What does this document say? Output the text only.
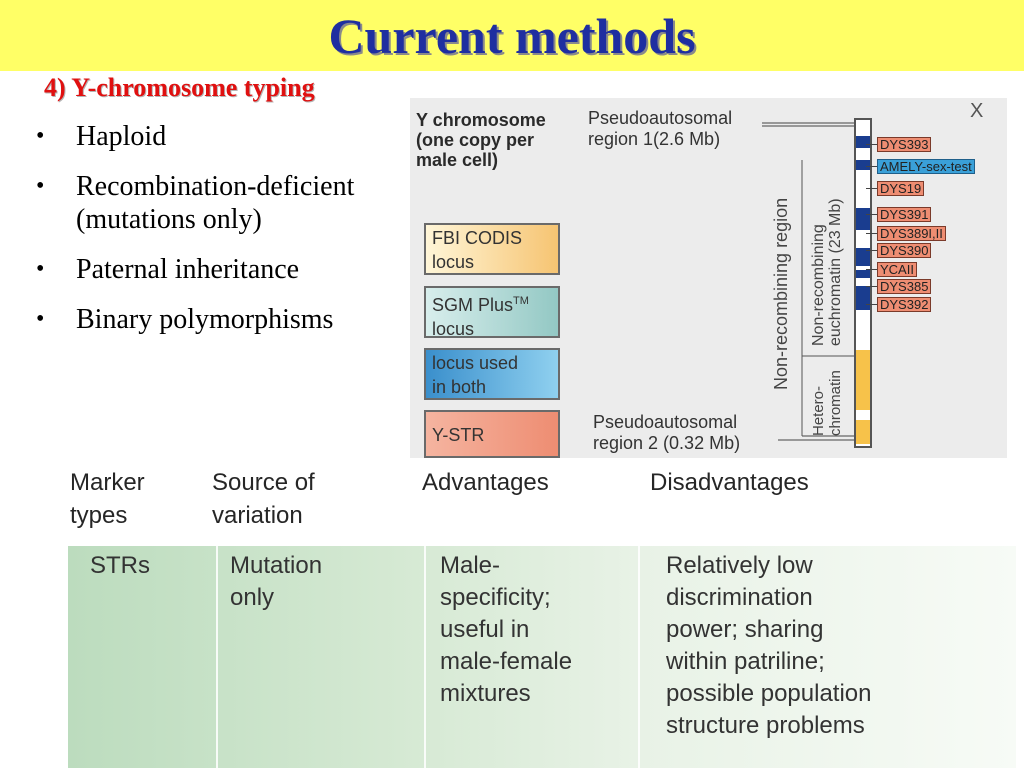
Current methods
4) Y-chromosome typing
• Haploid
• Recombination-deficient (mutations only)
• Paternal inheritance
• Binary polymorphisms
Y chromosome
(one copy per
male cell)
Pseudoautosomal
region 1(2.6 Mb)
X
FBI CODIS
locus
SGM Plus™
locus
locus used
in both
Y-STR
Non-recombining region Non-recombining euchromatin (23 Mb)
Hetero- chromatin
DYS393
AMELY-sex-test
DYS19
DYS391
DYS389I,II
DYS390
YCAII
DYS385
DYS392
Pseudoautosomal
region 2 (0.32 Mb)
Marker
types
Source of
variation
Advantages	Disadvantages
STRs	Mutation
only
Male-
specificity;
useful in
male-female
mixtures
Relatively low
discrimination
power; sharing
within patriline;
possible population
structure problems
